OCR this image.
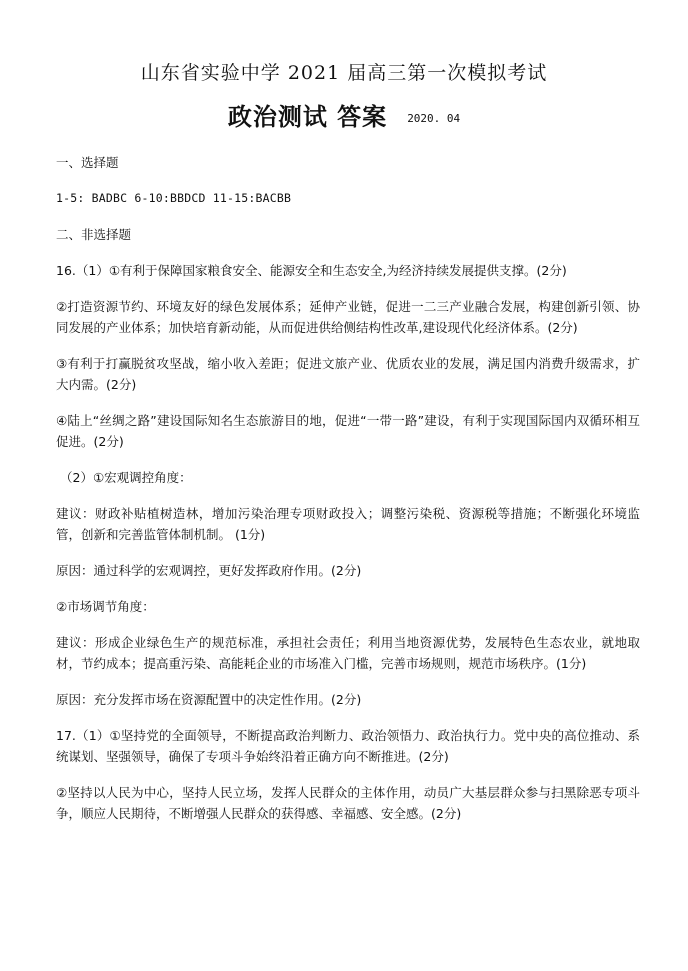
山东省实验中学 2021 届高三第一次模拟考试
政治测试 答案 2020. 04

一、选择题

1-5: BADBC 6-10:BBDCD 11-15:BACBB

二、非选择题

16.（1）①有利于保障国家粮食安全、能源安全和生态安全,为经济持续发展提供支撑。(2分)

②打造资源节约、环境友好的绿色发展体系；延伸产业链，促进一二三产业融合发展，构建创新引领、协同发展的产业体系；加快培育新动能，从而促进供给侧结构性改革,建设现代化经济体系。(2分)

③有利于打赢脱贫攻坚战，缩小收入差距；促进文旅产业、优质农业的发展，满足国内消费升级需求，扩大内需。(2分)

④陆上“丝绸之路”建设国际知名生态旅游目的地，促进“一带一路”建设，有利于实现国际国内双循环相互促进。(2分)

（2）①宏观调控角度：

建议：财政补贴植树造林，增加污染治理专项财政投入；调整污染税、资源税等措施；不断强化环境监管，创新和完善监管体制机制。 (1分)

原因：通过科学的宏观调控，更好发挥政府作用。(2分)

②市场调节角度：

建议：形成企业绿色生产的规范标准，承担社会责任；利用当地资源优势，发展特色生态农业，就地取材，节约成本；提高重污染、高能耗企业的市场准入门槛，完善市场规则，规范市场秩序。(1分)

原因：充分发挥市场在资源配置中的决定性作用。(2分)

17.（1）①坚持党的全面领导，不断提高政治判断力、政治领悟力、政治执行力。党中央的高位推动、系统谋划、坚强领导，确保了专项斗争始终沿着正确方向不断推进。(2分)

②坚持以人民为中心，坚持人民立场，发挥人民群众的主体作用，动员广大基层群众参与扫黑除恶专项斗争，顺应人民期待，不断增强人民群众的获得感、幸福感、安全感。(2分)
